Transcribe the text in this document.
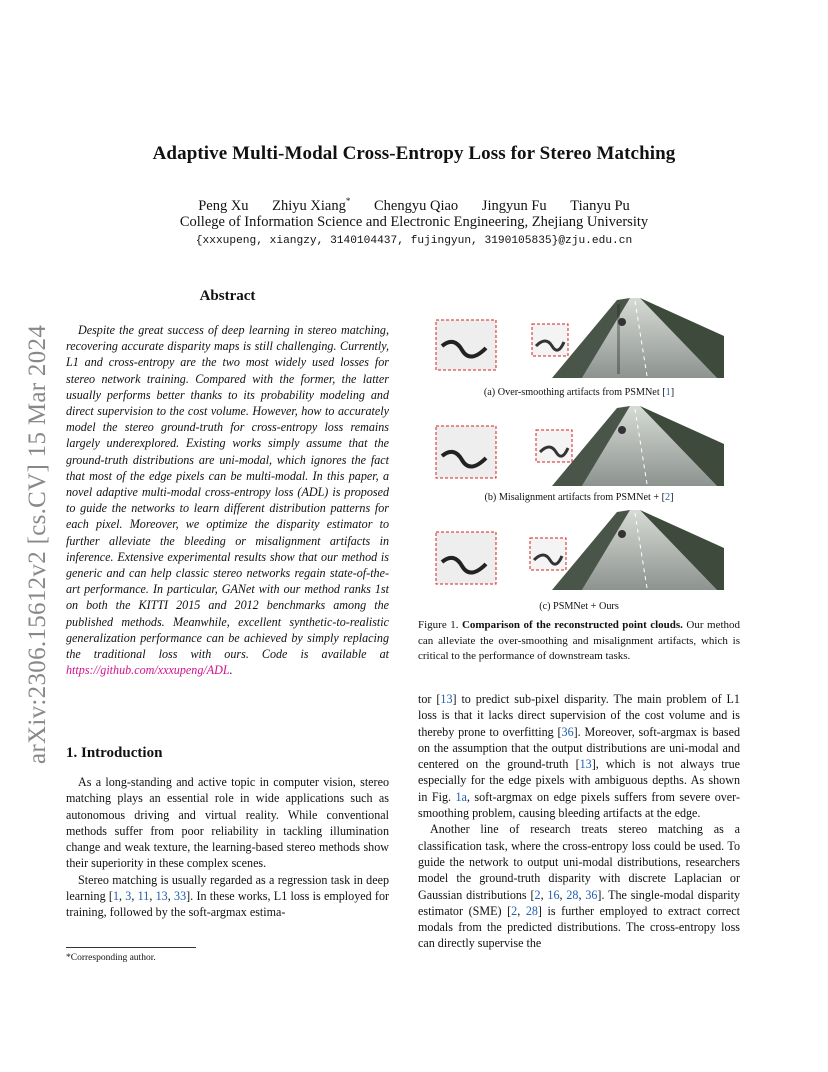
Adaptive Multi-Modal Cross-Entropy Loss for Stereo Matching
Peng Xu Zhiyu Xiang* Chengyu Qiao Jingyun Fu Tianyu Pu
College of Information Science and Electronic Engineering, Zhejiang University
{xxxupeng, xiangzy, 3140104437, fujingyun, 3190105835}@zju.edu.cn
arXiv:2306.15612v2 [cs.CV] 15 Mar 2024
Abstract
Despite the great success of deep learning in stereo matching, recovering accurate disparity maps is still challenging. Currently, L1 and cross-entropy are the two most widely used losses for stereo network training. Compared with the former, the latter usually performs better thanks to its probability modeling and direct supervision to the cost volume. However, how to accurately model the stereo ground-truth for cross-entropy loss remains largely underexplored. Existing works simply assume that the ground-truth distributions are uni-modal, which ignores the fact that most of the edge pixels can be multi-modal. In this paper, a novel adaptive multi-modal cross-entropy loss (ADL) is proposed to guide the networks to learn different distribution patterns for each pixel. Moreover, we optimize the disparity estimator to further alleviate the bleeding or misalignment artifacts in inference. Extensive experimental results show that our method is generic and can help classic stereo networks regain state-of-the-art performance. In particular, GANet with our method ranks 1st on both the KITTI 2015 and 2012 benchmarks among the published methods. Meanwhile, excellent synthetic-to-realistic generalization performance can be achieved by simply replacing the traditional loss with ours. Code is available at https://github.com/xxxupeng/ADL.
1. Introduction

As a long-standing and active topic in computer vision, stereo matching plays an essential role in wide applications such as autonomous driving and virtual reality. While conventional methods suffer from poor reliability in tackling illumination change and weak texture, the learning-based stereo methods show their superiority in these complex scenes.

Stereo matching is usually regarded as a regression task in deep learning [1, 3, 11, 13, 33]. In these works, L1 loss is employed for training, followed by the soft-argmax estima-

*Corresponding author.
(a) Over-smoothing artifacts from PSMNet [1]
(b) Misalignment artifacts from PSMNet + [2]
(c) PSMNet + Ours
Figure 1. Comparison of the reconstructed point clouds. Our method can alleviate the over-smoothing and misalignment artifacts, which is critical to the performance of downstream tasks.

tor [13] to predict sub-pixel disparity. The main problem of L1 loss is that it lacks direct supervision of the cost volume and is thereby prone to overfitting [36]. Moreover, soft-argmax is based on the assumption that the output distributions are uni-modal and centered on the ground-truth [13], which is not always true especially for the edge pixels with ambiguous depths. As shown in Fig. 1a, soft-argmax on edge pixels suffers from severe over-smoothing problem, causing bleeding artifacts at the edge.

Another line of research treats stereo matching as a classification task, where the cross-entropy loss could be used. To guide the network to output uni-modal distributions, researchers model the ground-truth disparity with discrete Laplacian or Gaussian distributions [2, 16, 28, 36]. The single-modal disparity estimator (SME) [2, 28] is further employed to extract correct modals from the predicted distributions. The cross-entropy loss can directly supervise the
